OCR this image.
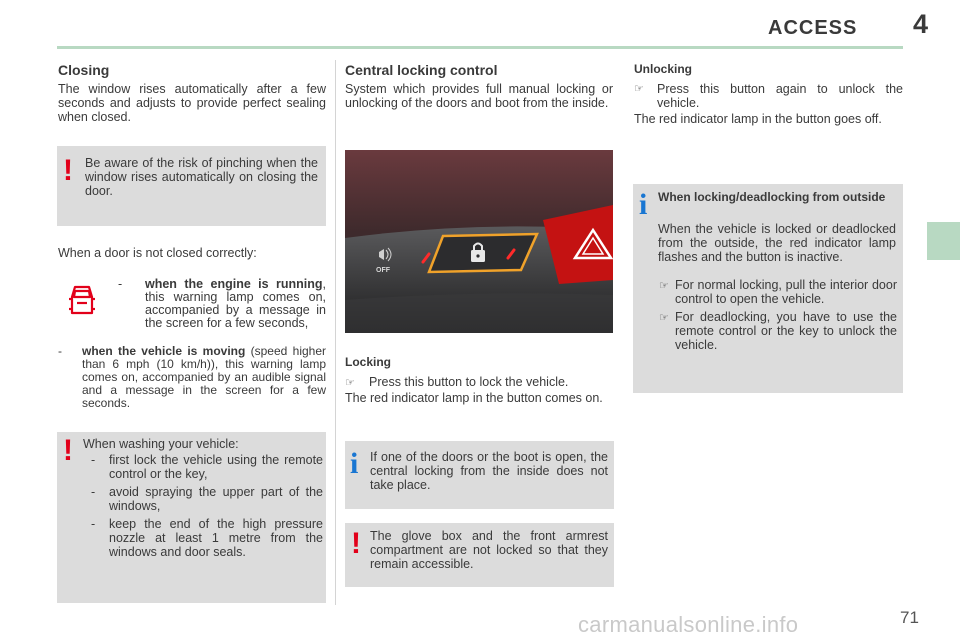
ACCESS 4
Closing
The window rises automatically after a few seconds and adjusts to provide perfect sealing when closed.
! Be aware of the risk of pinching when the window rises automatically on closing the door.
When a door is not closed correctly:
-	when the engine is running, this warning lamp comes on, accompanied by a message in the screen for a few seconds,
-	when the vehicle is moving (speed higher than 6 mph (10 km/h)), this warning lamp comes on, accompanied by an audible signal and a message in the screen for a few seconds.
! When washing your vehicle:
- first lock the vehicle using the remote control or the key,
- avoid spraying the upper part of the windows,
- keep the end of the high pressure nozzle at least 1 metre from the windows and door seals.
Central locking control
System which provides full manual locking or unlocking of the doors and boot from the inside.
OFF
Locking
☞ Press this button to lock the vehicle.
The red indicator lamp in the button comes on.
i If one of the doors or the boot is open, the central locking from the inside does not take place.
! The glove box and the front armrest compartment are not locked so that they remain accessible.
Unlocking
☞	Press this button again to unlock the vehicle.
The red indicator lamp in the button goes off.
i When locking/deadlocking from outside
When the vehicle is locked or deadlocked from the outside, the red indicator lamp flashes and the button is inactive.
☞ For normal locking, pull the interior door control to open the vehicle.
☞ For deadlocking, you have to use the remote control or the key to unlock the vehicle.
carmanualsonline.info	71
